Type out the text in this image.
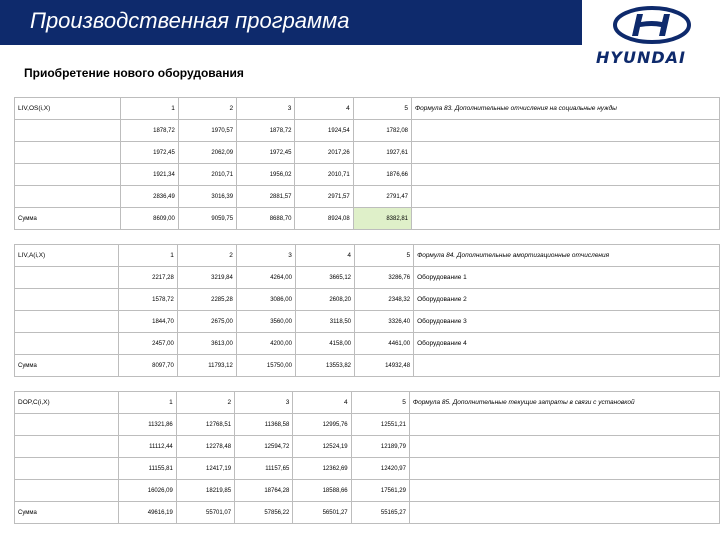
Производственная программа
HYUNDAI
Приобретение нового оборудования
LIV,OS(i,X)	1	2	3	4	5	Формула 83. Дополнительные отчисления на социальные нужды
	1878,72	1970,57	1878,72	1924,54	1782,08	
	1972,45	2062,09	1972,45	2017,26	1927,61	
	1921,34	2010,71	1956,02	2010,71	1876,66	
	2836,49	3016,39	2881,57	2971,57	2791,47	
Сумма	8609,00	9059,75	8688,70	8924,08	8382,81	
LIV,A(i,X)	1	2	3	4	5	Формула 84. Дополнительные амортизационные отчисления
	2217,28	3219,84	4264,00	3665,12	3286,76	Оборудование 1
	1578,72	2285,28	3086,00	2608,20	2348,32	Оборудование 2
	1844,70	2675,00	3560,00	3118,50	3326,40	Оборудование 3
	2457,00	3613,00	4200,00	4158,00	4461,00	Оборудование 4
Сумма	8097,70	11793,12	15750,00	13553,82	14932,48	
DOP,C(i,X)	1	2	3	4	5	Формула 85. Дополнительные текущие затраты в связи с установкой
	11321,86	12768,51	11368,58	12995,76	12551,21	
	11112,44	12278,48	12594,72	12524,19	12189,79	
	11155,81	12417,19	11157,65	12362,69	12420,97	
	16026,09	18219,85	18764,28	18588,66	17561,29	
Сумма	49616,19	55701,07	57856,22	56501,27	55165,27	
